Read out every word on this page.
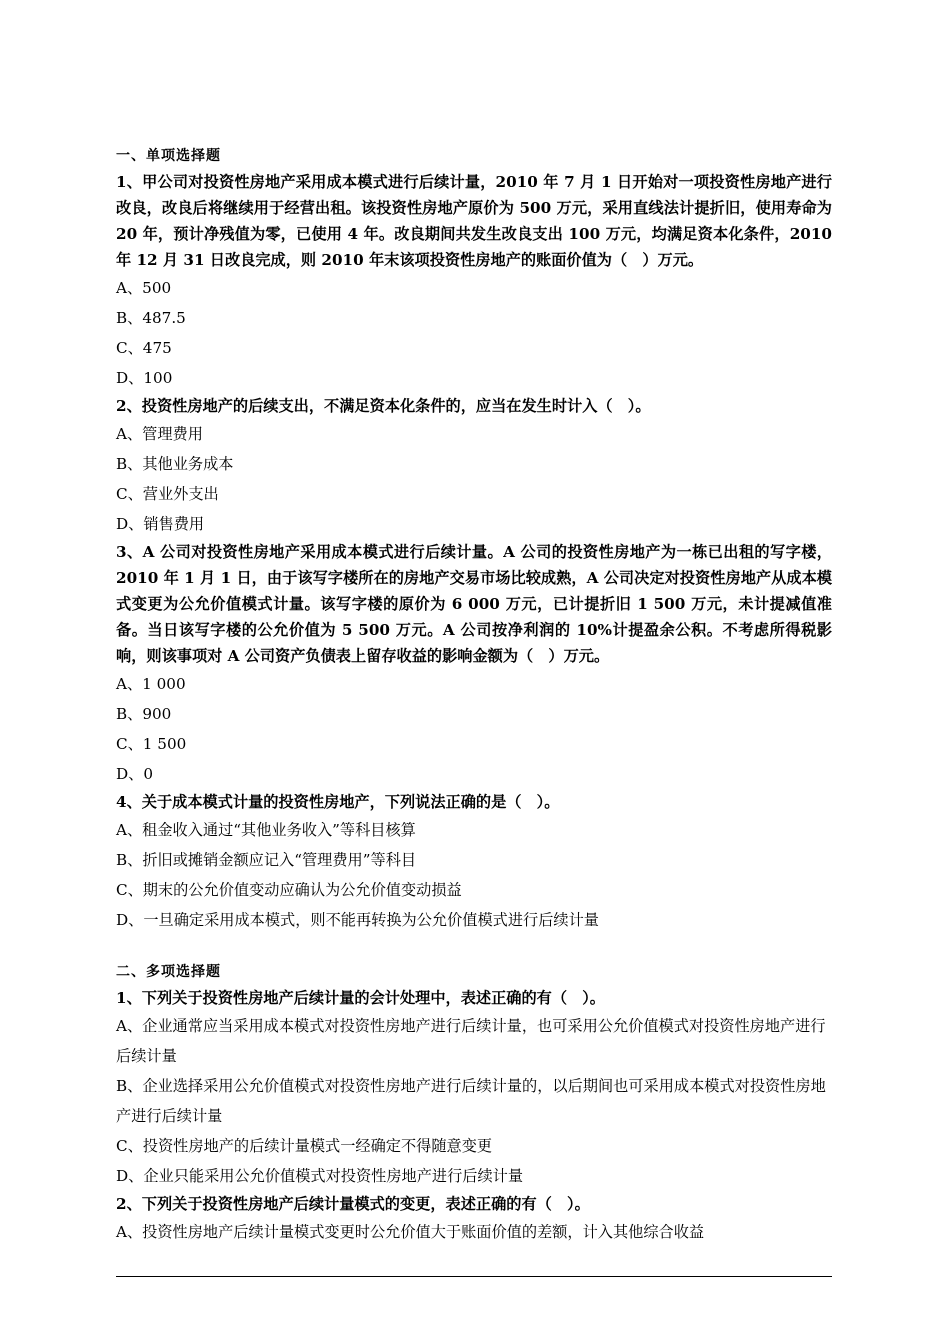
一、单项选择题
1、甲公司对投资性房地产采用成本模式进行后续计量，2010 年 7 月 1 日开始对一项投资性房地产进行改良，改良后将继续用于经营出租。该投资性房地产原价为 500 万元，采用直线法计提折旧，使用寿命为 20 年，预计净残值为零，已使用 4 年。改良期间共发生改良支出 100 万元，均满足资本化条件，2010 年 12 月 31 日改良完成，则 2010 年末该项投资性房地产的账面价值为（　）万元。
A、500
B、487.5
C、475
D、100
2、投资性房地产的后续支出，不满足资本化条件的，应当在发生时计入（　）。
A、管理费用
B、其他业务成本
C、营业外支出
D、销售费用
3、A 公司对投资性房地产采用成本模式进行后续计量。A 公司的投资性房地产为一栋已出租的写字楼，2010 年 1 月 1 日，由于该写字楼所在的房地产交易市场比较成熟，A 公司决定对投资性房地产从成本模式变更为公允价值模式计量。该写字楼的原价为 6 000 万元，已计提折旧 1 500 万元，未计提减值准备。当日该写字楼的公允价值为 5 500 万元。A 公司按净利润的 10%计提盈余公积。不考虑所得税影响，则该事项对 A 公司资产负债表上留存收益的影响金额为（　）万元。
A、1 000
B、900
C、1 500
D、0
4、关于成本模式计量的投资性房地产，下列说法正确的是（　）。
A、租金收入通过“其他业务收入”等科目核算
B、折旧或摊销金额应记入“管理费用”等科目
C、期末的公允价值变动应确认为公允价值变动损益
D、一旦确定采用成本模式，则不能再转换为公允价值模式进行后续计量
二、多项选择题
1、下列关于投资性房地产后续计量的会计处理中，表述正确的有（　）。
A、企业通常应当采用成本模式对投资性房地产进行后续计量，也可采用公允价值模式对投资性房地产进行后续计量
B、企业选择采用公允价值模式对投资性房地产进行后续计量的，以后期间也可采用成本模式对投资性房地产进行后续计量
C、投资性房地产的后续计量模式一经确定不得随意变更
D、企业只能采用公允价值模式对投资性房地产进行后续计量
2、下列关于投资性房地产后续计量模式的变更，表述正确的有（　）。
A、投资性房地产后续计量模式变更时公允价值大于账面价值的差额，计入其他综合收益
